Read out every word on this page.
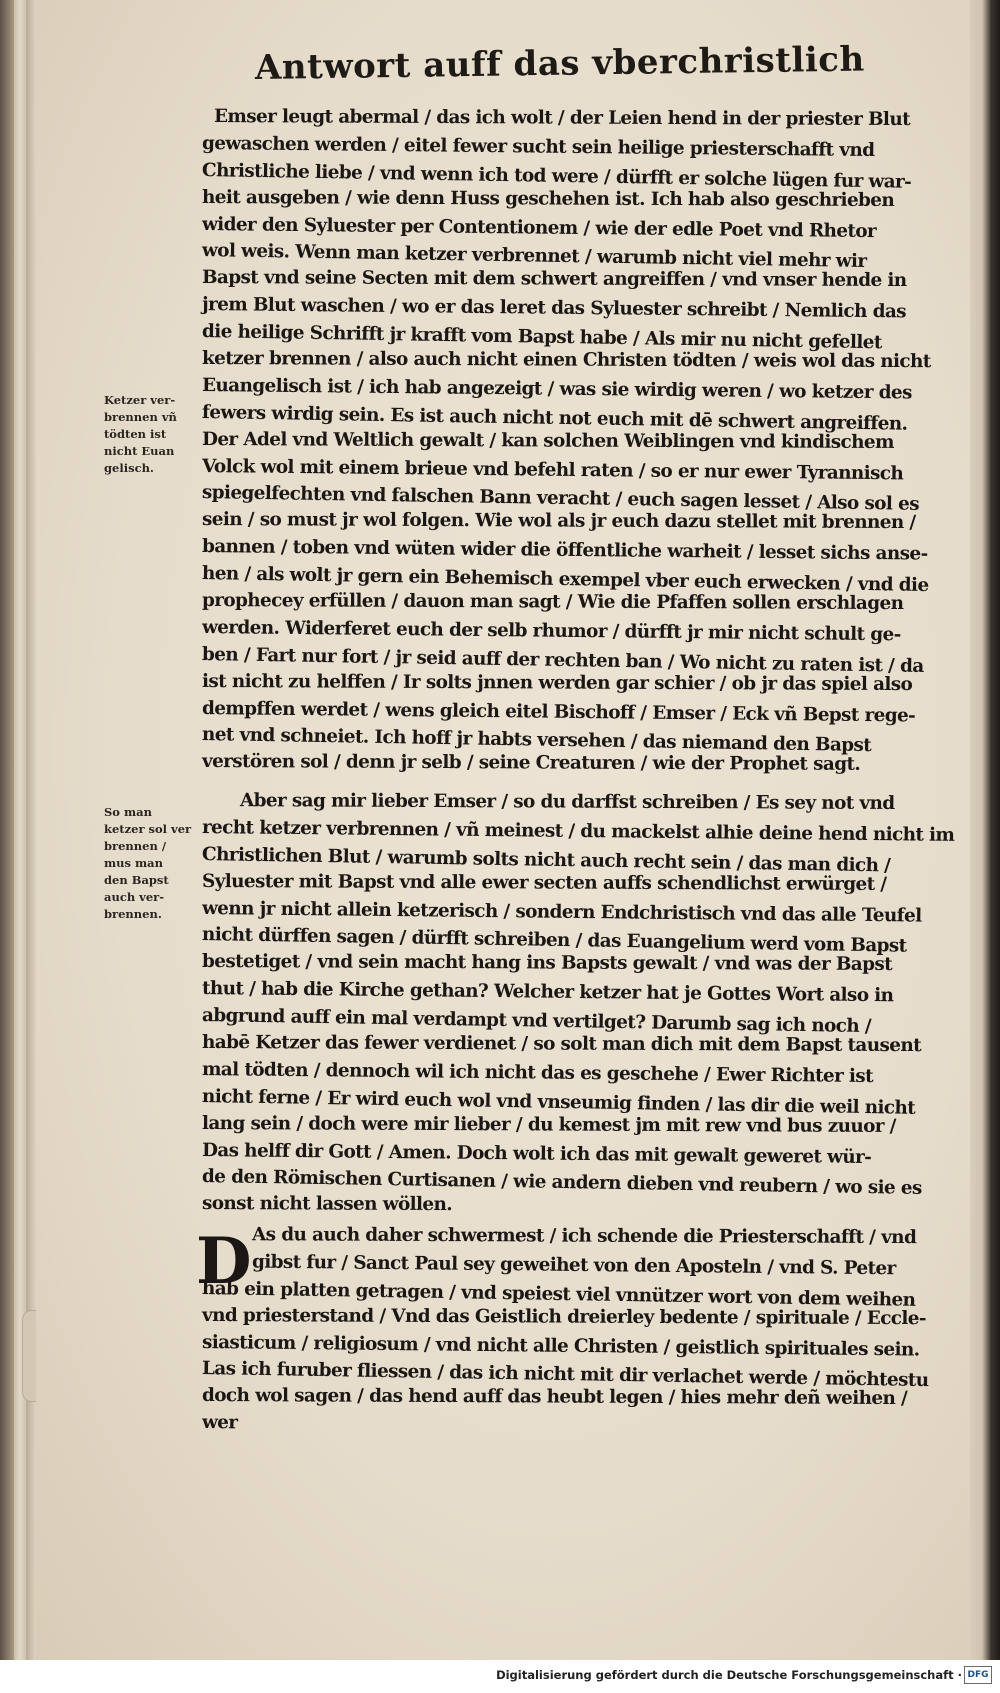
Antwort auff das vberchristlich
Ketzer ver-
brennen vñ
tödten ist
nicht Euan
gelisch.
So man
ketzer sol ver
brennen /
mus man
den Bapst
auch ver-
brennen.
Emser leugt abermal / das ich wolt / der Leien hend in der priester Blut
gewaschen werden / eitel fewer sucht sein heilige priesterschafft vnd
Christliche liebe / vnd wenn ich tod were / dürfft er solche lügen fur war-
heit ausgeben / wie denn Huss geschehen ist. Ich hab also geschrieben
wider den Syluester per Contentionem / wie der edle Poet vnd Rhetor
wol weis. Wenn man ketzer verbrennet / warumb nicht viel mehr wir
Bapst vnd seine Secten mit dem schwert angreiffen / vnd vnser hende in
jrem Blut waschen / wo er das leret das Syluester schreibt / Nemlich das
die heilige Schrifft jr krafft vom Bapst habe / Als mir nu nicht gefellet
ketzer brennen / also auch nicht einen Christen tödten / weis wol das nicht
Euangelisch ist / ich hab angezeigt / was sie wirdig weren / wo ketzer des
fewers wirdig sein. Es ist auch nicht not euch mit dē schwert angreiffen.
Der Adel vnd Weltlich gewalt / kan solchen Weiblingen vnd kindischem
Volck wol mit einem brieue vnd befehl raten / so er nur ewer Tyrannisch
spiegelfechten vnd falschen Bann veracht / euch sagen lesset / Also sol es
sein / so must jr wol folgen. Wie wol als jr euch dazu stellet mit brennen /
bannen / toben vnd wüten wider die öffentliche warheit / lesset sichs anse-
hen / als wolt jr gern ein Behemisch exempel vber euch erwecken / vnd die
prophecey erfüllen / dauon man sagt / Wie die Pfaffen sollen erschlagen
werden. Widerferet euch der selb rhumor / dürfft jr mir nicht schult ge-
ben / Fart nur fort / jr seid auff der rechten ban / Wo nicht zu raten ist / da
ist nicht zu helffen / Ir solts jnnen werden gar schier / ob jr das spiel also
dempffen werdet / wens gleich eitel Bischoff / Emser / Eck vñ Bepst rege-
net vnd schneiet. Ich hoff jr habts versehen / das niemand den Bapst
verstören sol / denn jr selb / seine Creaturen / wie der Prophet sagt.
Aber sag mir lieber Emser / so du darffst schreiben / Es sey not vnd
recht ketzer verbrennen / vñ meinest / du mackelst alhie deine hend nicht im
Christlichen Blut / warumb solts nicht auch recht sein / das man dich /
Syluester mit Bapst vnd alle ewer secten auffs schendlichst erwürget /
wenn jr nicht allein ketzerisch / sondern Endchristisch vnd das alle Teufel
nicht dürffen sagen / dürfft schreiben / das Euangelium werd vom Bapst
bestetiget / vnd sein macht hang ins Bapsts gewalt / vnd was der Bapst
thut / hab die Kirche gethan? Welcher ketzer hat je Gottes Wort also in
abgrund auff ein mal verdampt vnd vertilget? Darumb sag ich noch /
habē Ketzer das fewer verdienet / so solt man dich mit dem Bapst tausent
mal tödten / dennoch wil ich nicht das es geschehe / Ewer Richter ist
nicht ferne / Er wird euch wol vnd vnseumig finden / las dir die weil nicht
lang sein / doch were mir lieber / du kemest jm mit rew vnd bus zuuor /
Das helff dir Gott / Amen. Doch wolt ich das mit gewalt geweret wür-
de den Römischen Curtisanen / wie andern dieben vnd reubern / wo sie es
sonst nicht lassen wöllen.
D As du auch daher schwermest / ich schende die Priesterschafft / vnd
gibst fur / Sanct Paul sey geweihet von den Aposteln / vnd S. Peter
hab ein platten getragen / vnd speiest viel vnnützer wort von dem weihen
vnd priesterstand / Vnd das Geistlich dreierley bedente / spirituale / Eccle-
siasticum / religiosum / vnd nicht alle Christen / geistlich spirituales sein.
Las ich furuber fliessen / das ich nicht mit dir verlachet werde / möchtestu
doch wol sagen / das hend auff das heubt legen / hies mehr deñ weihen /
wer
Digitalisierung gefördert durch die Deutsche Forschungsgemeinschaft · DFG
